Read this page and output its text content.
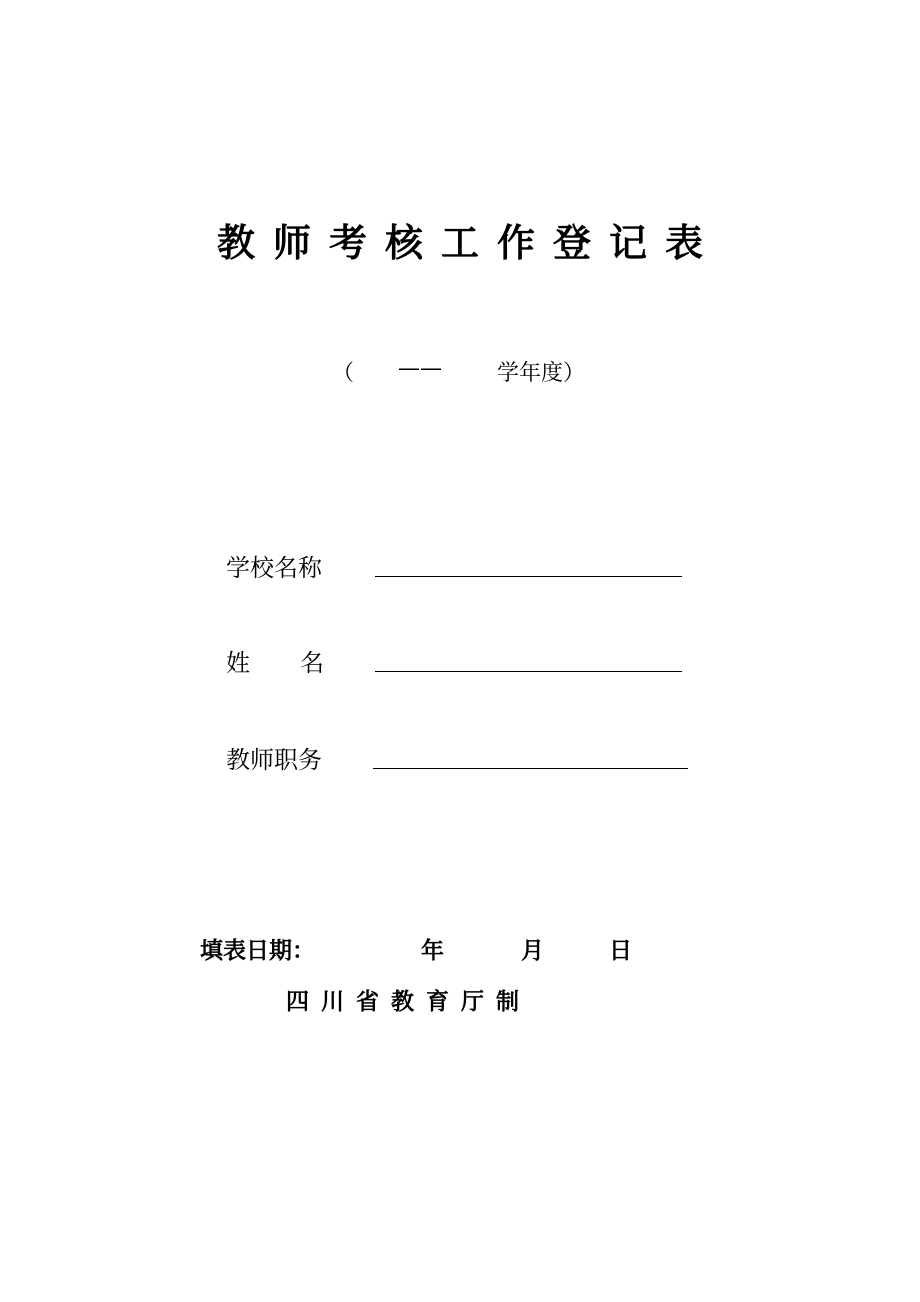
教师考核工作登记表
（ ——	学年度）
学校名称
姓 名
教师职务
填表日期：	年	月	日
四川省教育厅制
